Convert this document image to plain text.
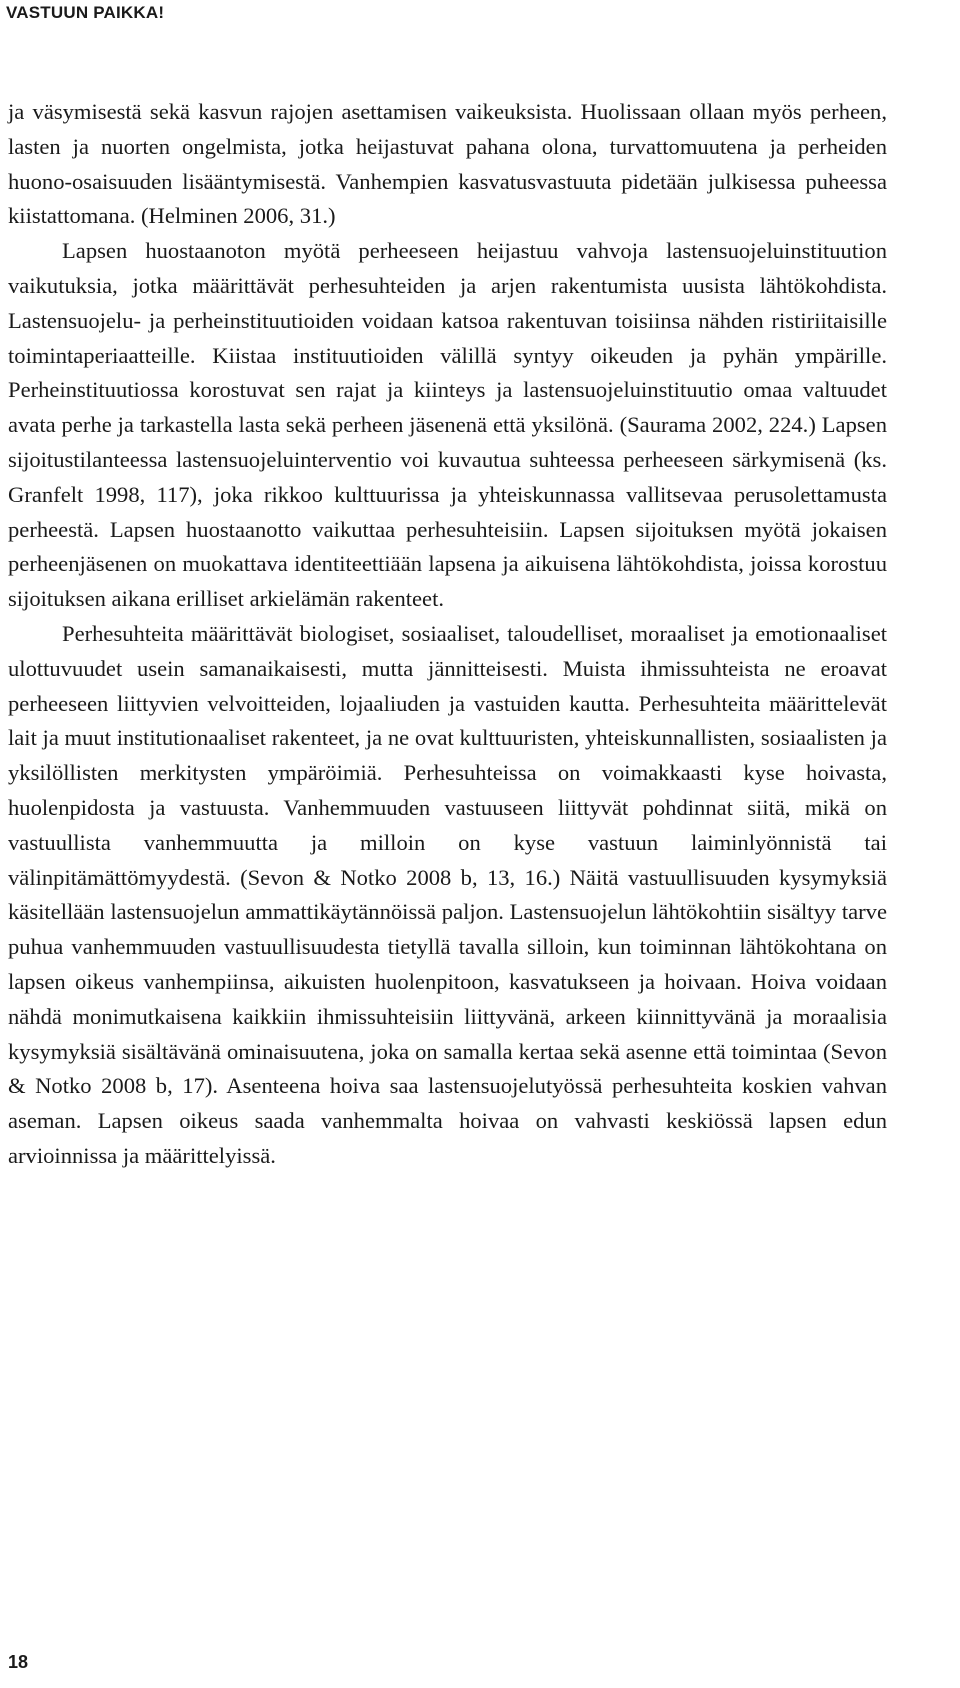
VASTUUN PAIKKA!

ja väsymisestä sekä kasvun rajojen asettamisen vaikeuksista. Huolissaan ollaan myös perheen, lasten ja nuorten ongelmista, jotka heijastuvat pahana olona, turvattomuutena ja perheiden huono-osaisuuden lisääntymisestä. Vanhempien kasvatusvastuuta pidetään julkisessa puheessa kiistattomana. (Helminen 2006, 31.)

Lapsen huostaanoton myötä perheeseen heijastuu vahvoja lastensuojeluinstituution vaikutuksia, jotka määrittävät perhesuhteiden ja arjen rakentumista uusista lähtökohdista. Lastensuojelu- ja perheinstituutioiden voidaan katsoa rakentuvan toisiinsa nähden ristiriitaisille toimintaperiaatteille. Kiistaa instituutioiden välillä syntyy oikeuden ja pyhän ympärille. Perheinstituutiossa korostuvat sen rajat ja kiinteys ja lastensuojeluinstituutio omaa valtuudet avata perhe ja tarkastella lasta sekä perheen jäsenenä että yksilönä. (Saurama 2002, 224.) Lapsen sijoitustilanteessa lastensuojeluinterventio voi kuvautua suhteessa perheeseen särkymisenä (ks. Granfelt 1998, 117), joka rikkoo kulttuurissa ja yhteiskunnassa vallitsevaa perusolettamusta perheestä. Lapsen huostaanotto vaikuttaa perhesuhteisiin. Lapsen sijoituksen myötä jokaisen perheenjäsenen on muokattava identiteettiään lapsena ja aikuisena lähtökohdista, joissa korostuu sijoituksen aikana erilliset arkielämän rakenteet.

Perhesuhteita määrittävät biologiset, sosiaaliset, taloudelliset, moraaliset ja emotionaaliset ulottuvuudet usein samanaikaisesti, mutta jännitteisesti. Muista ihmissuhteista ne eroavat perheeseen liittyvien velvoitteiden, lojaaliuden ja vastuiden kautta. Perhesuhteita määrittelevät lait ja muut institutionaaliset rakenteet, ja ne ovat kulttuuristen, yhteiskunnallisten, sosiaalisten ja yksilöllisten merkitysten ympäröimiä. Perhesuhteissa on voimakkaasti kyse hoivasta, huolenpidosta ja vastuusta. Vanhemmuuden vastuuseen liittyvät pohdinnat siitä, mikä on vastuullista vanhemmuutta ja milloin on kyse vastuun laiminlyönnistä tai välinpitämättömyydestä. (Sevon & Notko 2008 b, 13, 16.) Näitä vastuullisuuden kysymyksiä käsitellään lastensuojelun ammattikäytännöissä paljon. Lastensuojelun lähtökohtiin sisältyy tarve puhua vanhemmuuden vastuullisuudesta tietyllä tavalla silloin, kun toiminnan lähtökohtana on lapsen oikeus vanhempiinsa, aikuisten huolenpitoon, kasvatukseen ja hoivaan. Hoiva voidaan nähdä monimutkaisena kaikkiin ihmissuhteisiin liittyvänä, arkeen kiinnittyvänä ja moraalisia kysymyksiä sisältävänä ominaisuutena, joka on samalla kertaa sekä asenne että toimintaa (Sevon & Notko 2008 b, 17). Asenteena hoiva saa lastensuojelutyössä perhesuhteita koskien vahvan aseman. Lapsen oikeus saada vanhemmalta hoivaa on vahvasti keskiössä lapsen edun arvioinnissa ja määrittelyissä.

18
